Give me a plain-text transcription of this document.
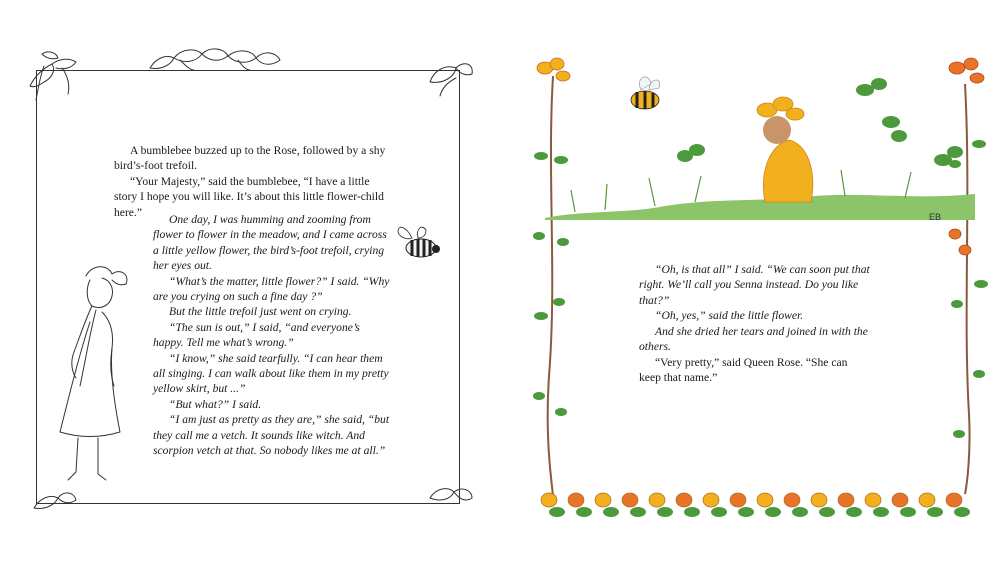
A bumblebee buzzed up to the Rose, followed by a shy bird’s-foot trefoil.

“Your Majesty,” said the bumblebee, “I have a little story I hope you will like. It’s about this little flower-child here.”

One day, I was humming and zooming from flower to flower in the meadow, and I came across a little yellow flower, the bird’s-foot trefoil, crying her eyes out.

“What’s the matter, little flower?” I said. “Why are you crying on such a fine day ?”

But the little trefoil just went on crying.

“The sun is out,” I said, “and everyone’s happy. Tell me what’s wrong.”

“I know,” she said tearfully. “I can hear them all singing. I can walk about like them in my pretty yellow skirt, but ...”

“But what?” I said.

“I am just as pretty as they are,” she said, “but they call me a vetch. It sounds like witch. And scorpion vetch at that. So nobody likes me at all.”

EB

“Oh, is that all” I said. “We can soon put that right. We’ll call you Senna instead. Do you like that?”

“Oh, yes,” said the little flower.

And she dried her tears and joined in with the others.

“Very pretty,” said Queen Rose. “She can keep that name.”
